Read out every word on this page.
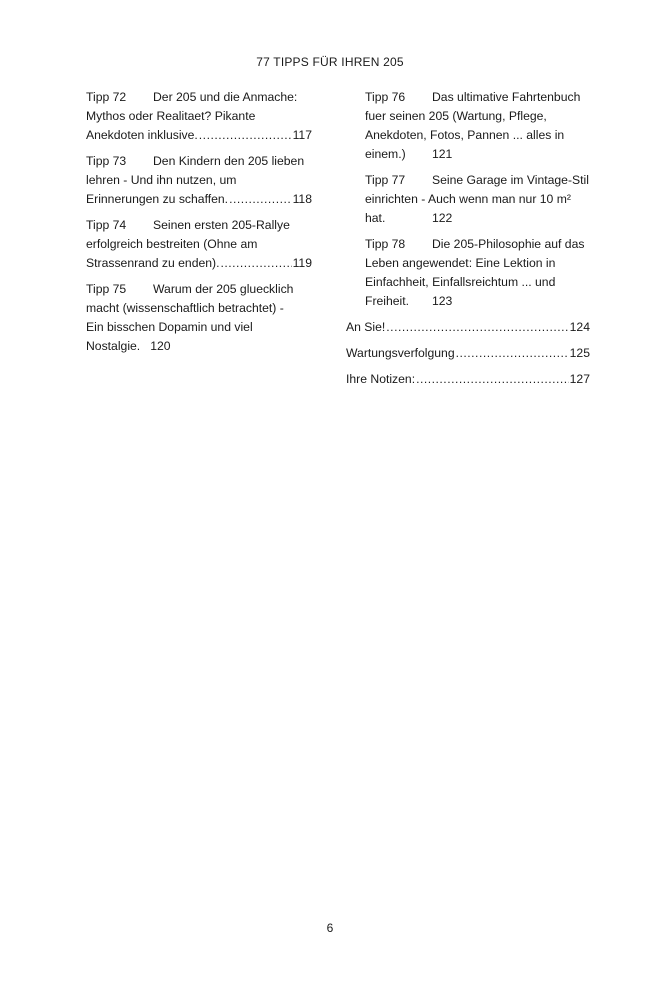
77 TIPPS FÜR IHREN 205
Tipp 72 Der 205 und die Anmache:
Mythos oder Realitaet? Pikante
Anekdoten inklusive. .....	117
Tipp 73 Den Kindern den 205 lieben
lehren - Und ihn nutzen, um
Erinnerungen zu schaffen. .....	118
Tipp 74 Seinen ersten 205-Rallye
erfolgreich bestreiten (Ohne am
Strassenrand zu enden). .....	119
Tipp 75 Warum der 205 gluecklich
macht (wissenschaftlich betrachtet) -
Ein bisschen Dopamin und viel
Nostalgie. 120
Tipp 76 Das ultimative Fahrtenbuch
fuer seinen 205 (Wartung, Pflege,
Anekdoten, Fotos, Pannen ... alles in
einem.) 121
Tipp 77 Seine Garage im Vintage-Stil
einrichten - Auch wenn man nur 10 m²
hat.	122
Tipp 78 Die 205-Philosophie auf das
Leben angewendet: Eine Lektion in
Einfachheit, Einfallsreichtum ... und
Freiheit. 123
An Sie! .....	124
Wartungsverfolgung .....	125
Ihre Notizen: .....	127
6
